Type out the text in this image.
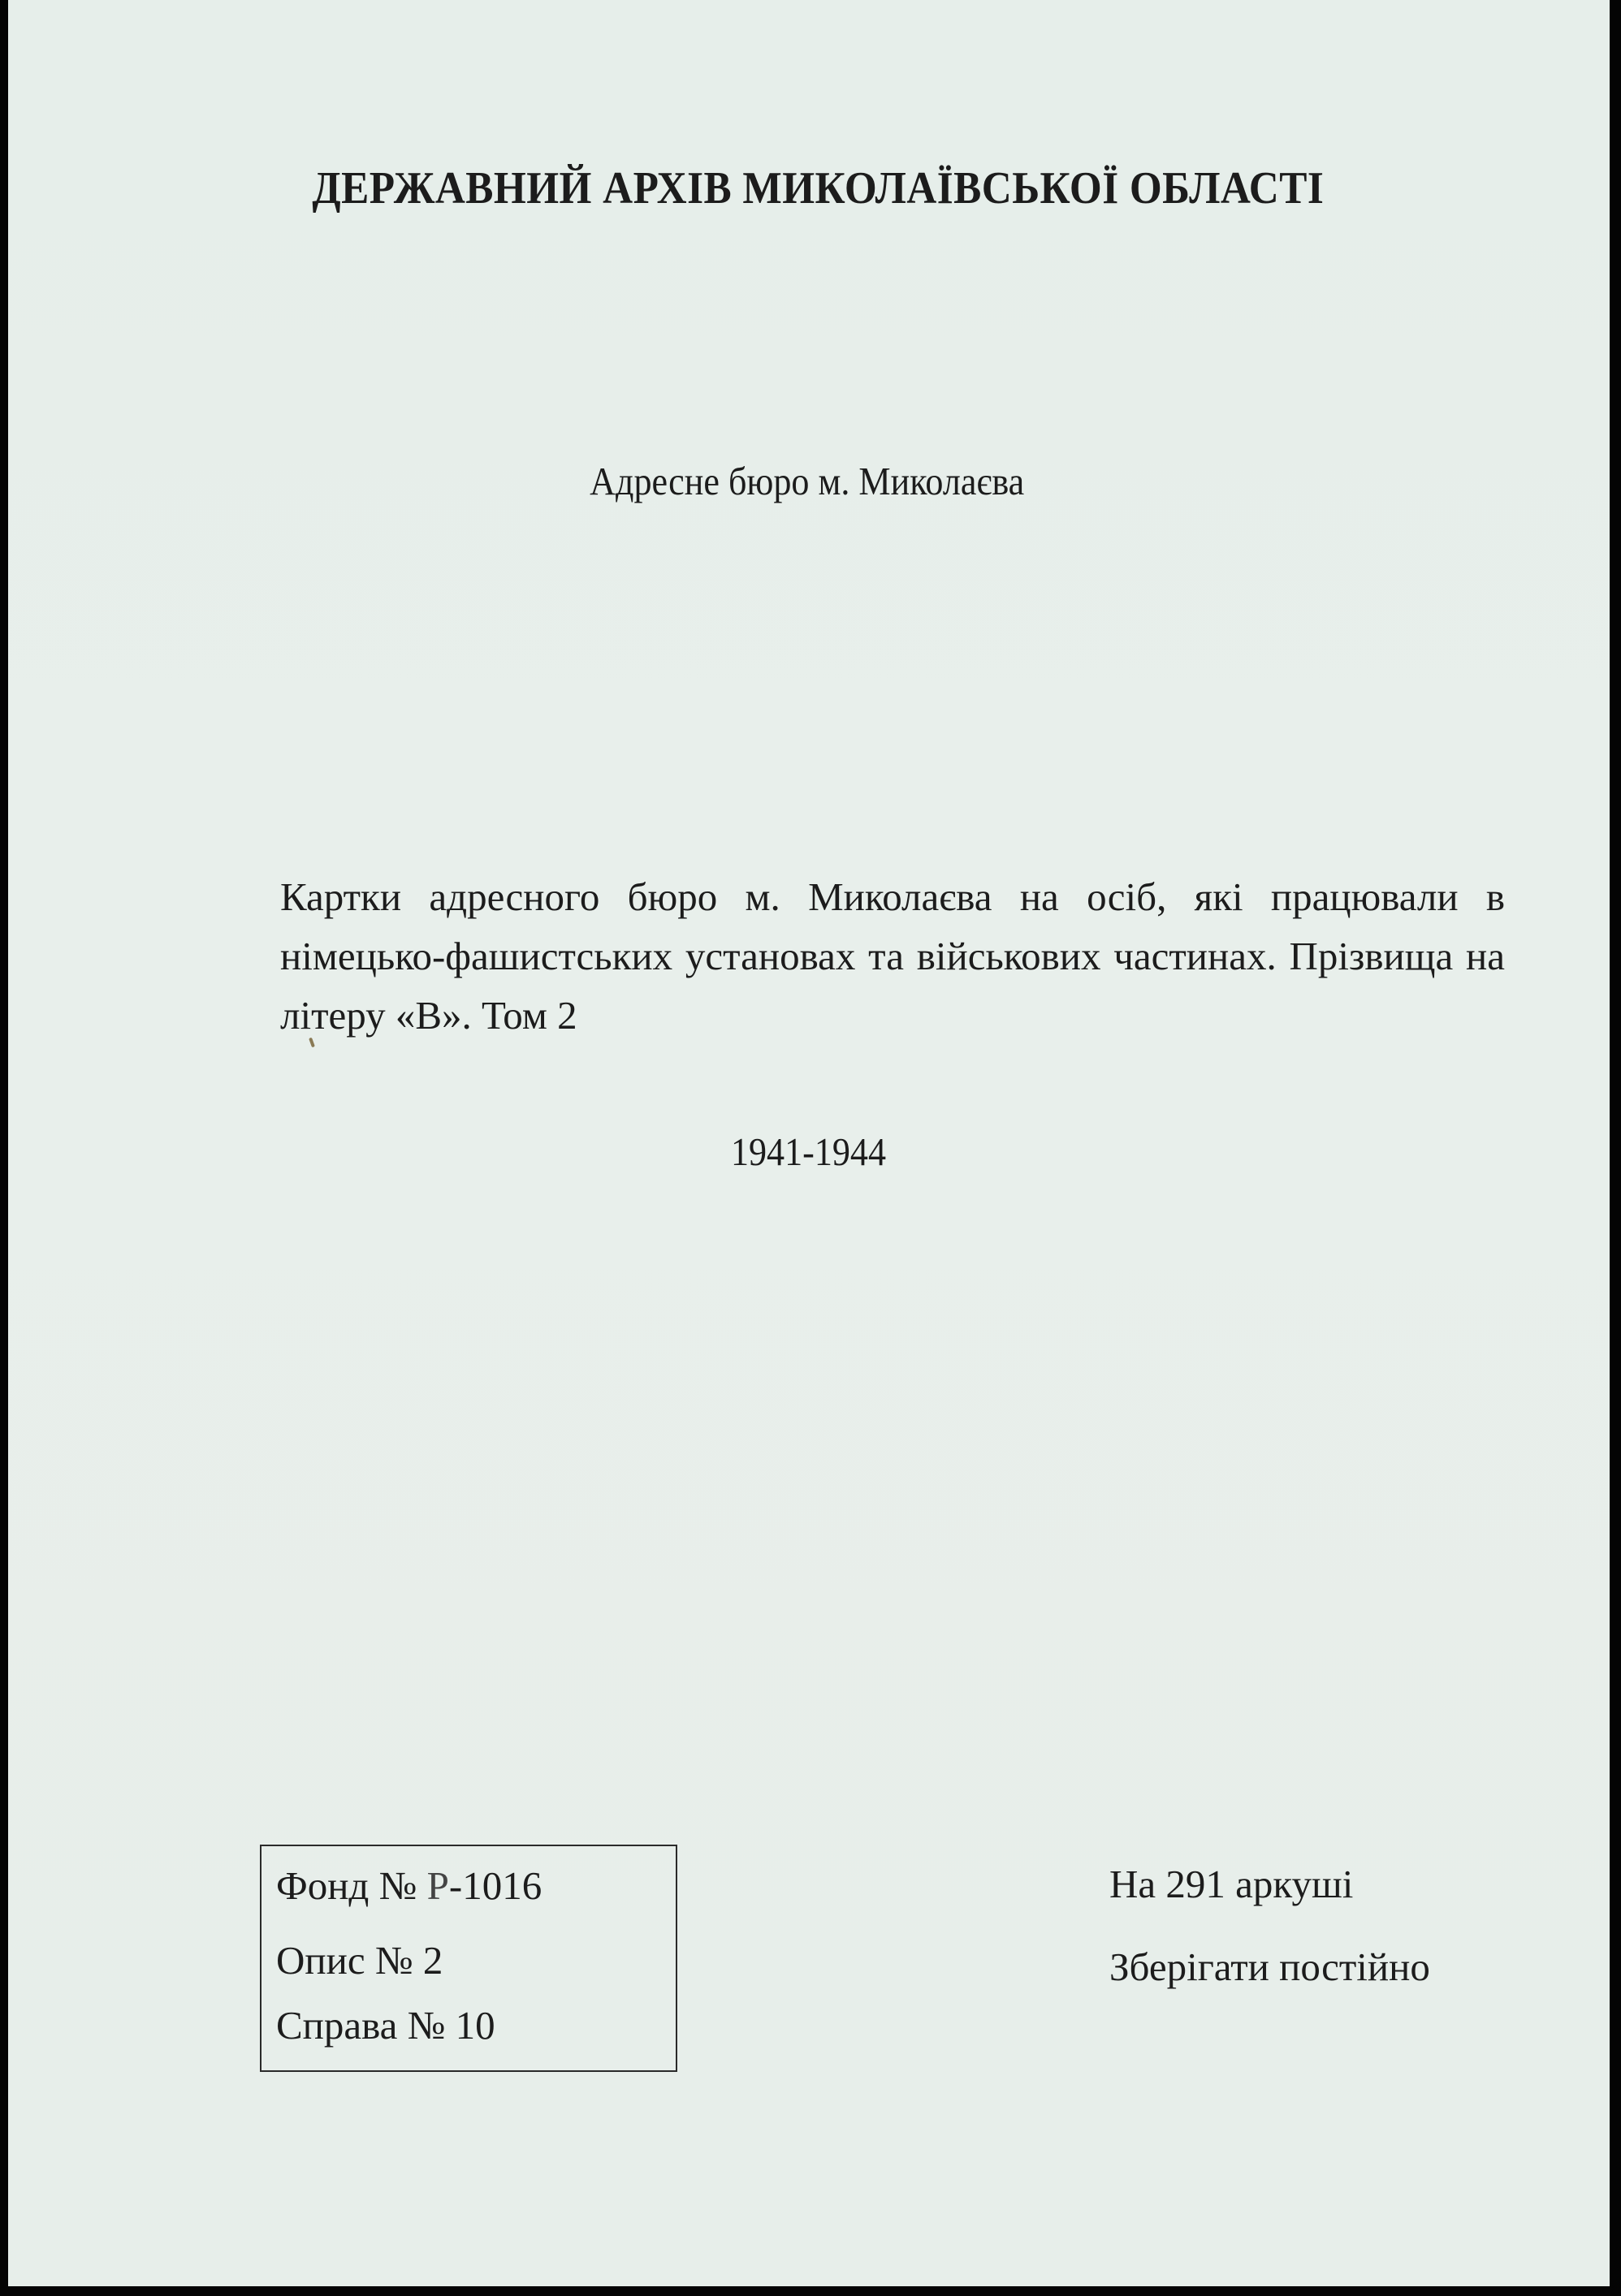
ДЕРЖАВНИЙ АРХІВ МИКОЛАЇВСЬКОЇ ОБЛАСТІ
Адресне бюро м. Миколаєва
Картки адресного бюро м. Миколаєва на осіб, які працювали в німецько-фашистських установах та військових частинах. Прізвища на літеру «В». Том 2
1941-1944
Фонд № Р-1016
Опис № 2
Справа № 10
На 291 аркуші
Зберігати постійно
